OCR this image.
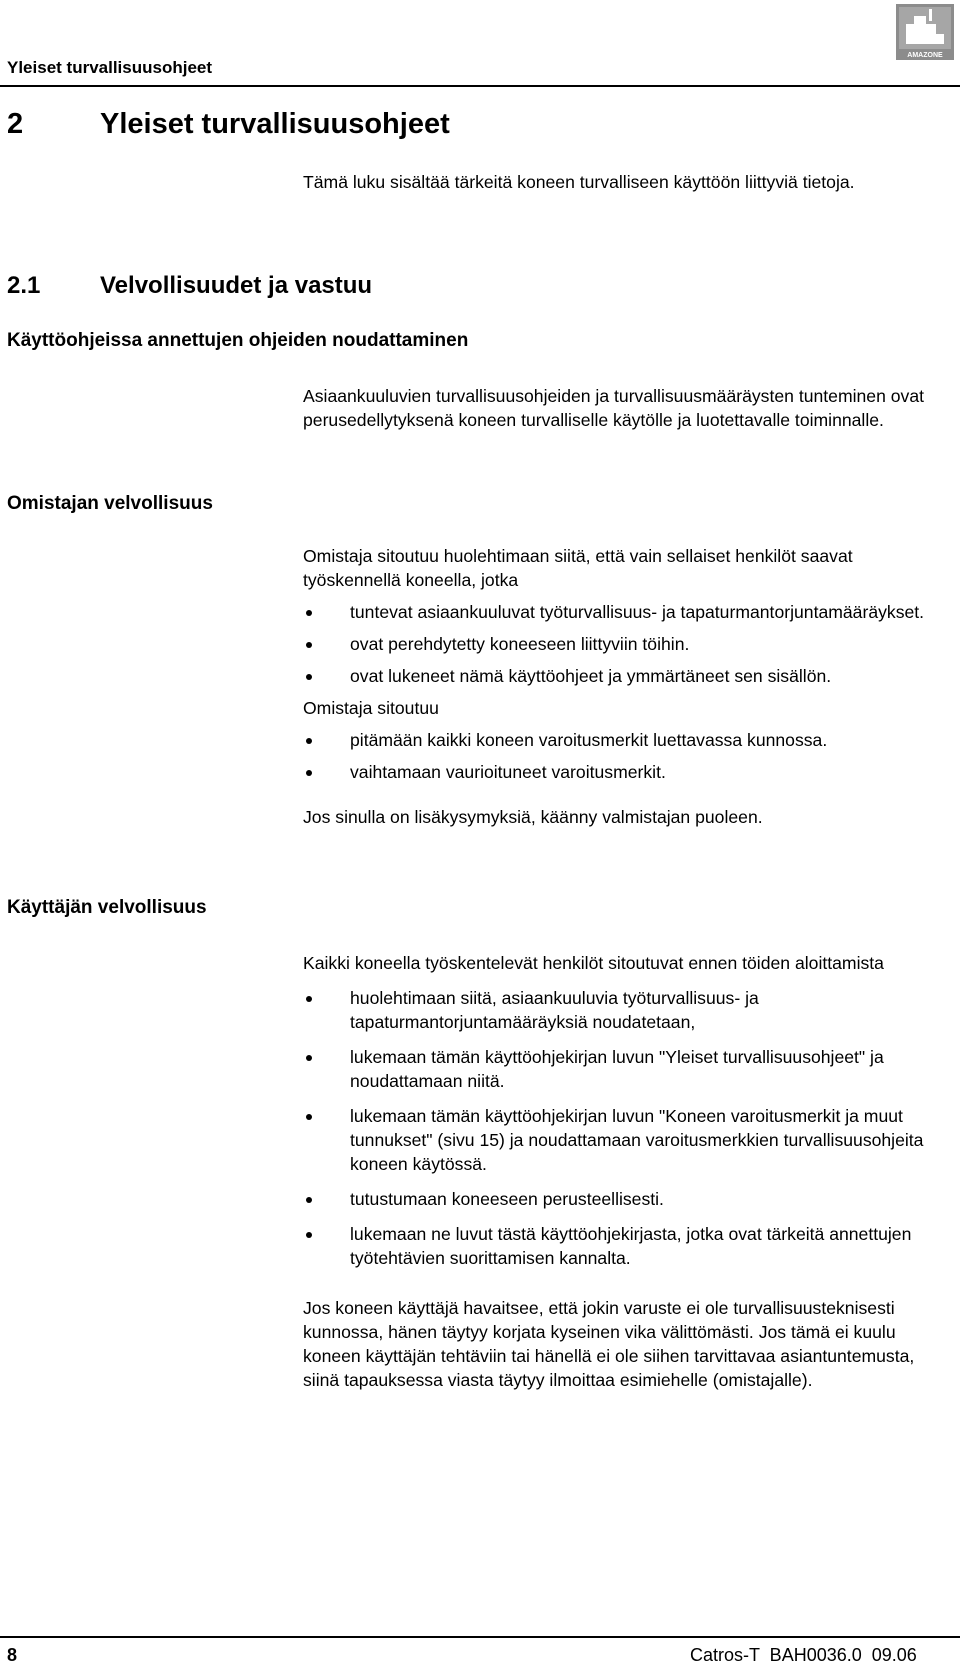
Yleiset turvallisuusohjeet
AMAZONE
2	Yleiset turvallisuusohjeet

Tämä luku sisältää tärkeitä koneen turvalliseen käyttöön liittyviä tietoja.

2.1 Velvollisuudet ja vastuu
Käyttöohjeissa annettujen ohjeiden noudattaminen

Asiaankuuluvien turvallisuusohjeiden ja turvallisuusmääräysten tunteminen ovat perusedellytyksenä koneen turvalliselle käytölle ja luotettavalle toiminnalle.

Omistajan velvollisuus

Omistaja sitoutuu huolehtimaan siitä, että vain sellaiset henkilöt saavat työskennellä koneella, jotka

tuntevat asiaankuuluvat työturvallisuus- ja tapaturmantorjuntamääräykset.
ovat perehdytetty koneeseen liittyviin töihin.
ovat lukeneet nämä käyttöohjeet ja ymmärtäneet sen sisällön.

Omistaja sitoutuu

pitämään kaikki koneen varoitusmerkit luettavassa kunnossa.
vaihtamaan vaurioituneet varoitusmerkit.

Jos sinulla on lisäkysymyksiä, käänny valmistajan puoleen.

Käyttäjän velvollisuus

Kaikki koneella työskentelevät henkilöt sitoutuvat ennen töiden aloittamista

huolehtimaan siitä, asiaankuuluvia työturvallisuus- ja tapaturmantorjuntamääräyksiä noudatetaan,
lukemaan tämän käyttöohjekirjan luvun "Yleiset turvallisuusohjeet" ja noudattamaan niitä.
lukemaan tämän käyttöohjekirjan luvun "Koneen varoitusmerkit ja muut tunnukset" (sivu 15) ja noudattamaan varoitusmerkkien turvallisuusohjeita koneen käytössä.
tutustumaan koneeseen perusteellisesti.
lukemaan ne luvut tästä käyttöohjekirjasta, jotka ovat tärkeitä annettujen työtehtävien suorittamisen kannalta.

Jos koneen käyttäjä havaitsee, että jokin varuste ei ole turvallisuusteknisesti kunnossa, hänen täytyy korjata kyseinen vika välittömästi. Jos tämä ei kuulu koneen käyttäjän tehtäviin tai hänellä ei ole siihen tarvittavaa asiantuntemusta, siinä tapauksessa viasta täytyy ilmoittaa esimiehelle (omistajalle).

8	Catros-T  BAH0036.0  09.06
